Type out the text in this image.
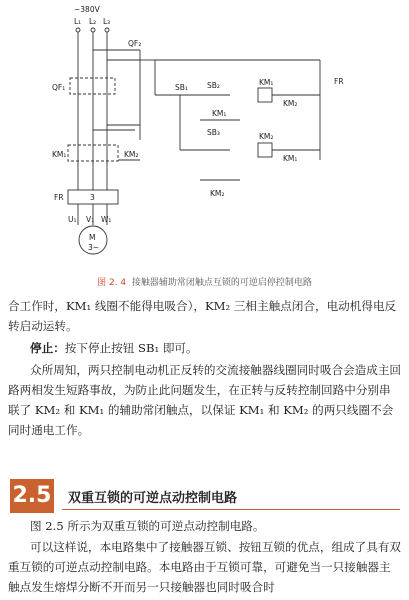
~380V
L₁ L₂ L₃
QF₂
QF₁
KM₁	KM₂
FR	3
U₁ V₁ W₁
M
3~
SB₁	SB₂
SB₃
KM₁
KM₂
KM₁
KM₂
KM₂
KM₁
FR
图 2. 4 接触器辅助常闭触点互锁的可逆启停控制电路

合工作时，KM₁ 线圈不能得电吸合），KM₂ 三相主触点闭合，电动机得电反转启动运转。

停止：按下停止按钮 SB₁ 即可。

众所周知，两只控制电动机正反转的交流接触器线圈同时吸合会造成主回路两相发生短路事故，为防止此问题发生，在正转与反转控制回路中分别串联了 KM₂ 和 KM₁ 的辅助常闭触点，以保证 KM₁ 和 KM₂ 的两只线圈不会同时通电工作。

2.5 双重互锁的可逆点动控制电路

图 2.5 所示为双重互锁的可逆点动控制电路。

可以这样说，本电路集中了接触器互锁、按钮互锁的优点，组成了具有双重互锁的可逆点动控制电路。本电路由于互锁可靠，可避免当一只接触器主触点发生熔焊分断不开而另一只接触器也同时吸合时
